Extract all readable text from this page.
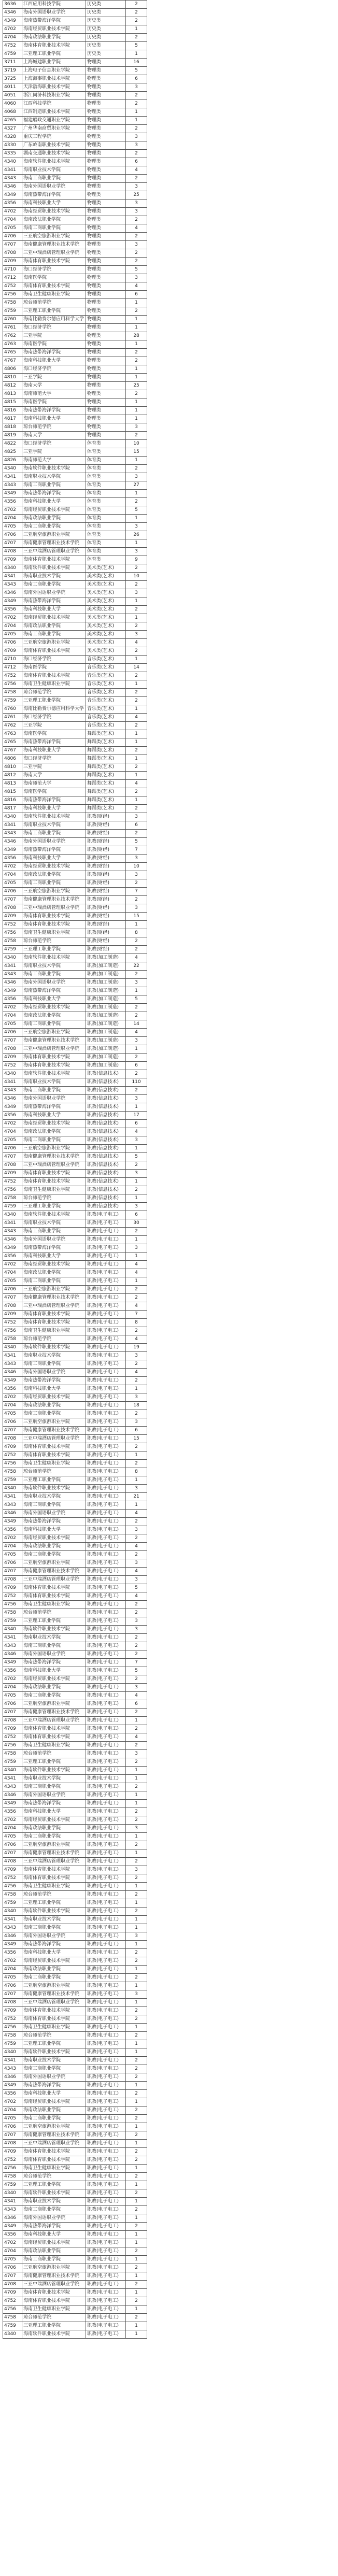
3636	江西应用科技学院	历史类	2
4346	海南外国语职业学院	历史类	2
4349	海南热带海洋学院	历史类	2
4702	海南经贸职业技术学院	历史类	1
4704	海南政法职业学院	历史类	2
4752	海南体育职业技术学院	历史类	5
4759	三亚理工职业学院	历史类	1
3711	上海城建职业学院	物理类	16
3719	上海电子信息职业学院	物理类	5
3725	上海海事职业技术学院	物理类	6
4011	天津渤海职业技术学院	物理类	3
4051	浙江同济科技职业学院	物理类	2
4060	江西科技学院	物理类	2
4068	江西制造职业技术学院	物理类	1
4265	福建船政交通职业学院	物理类	1
4327	广州华南商贸职业学院	物理类	2
4328	重庆工程学院	物理类	3
4330	广东岭南职业技术学院	物理类	3
4335	湖南交通职业技术学院	物理类	2
4340	海南软件职业技术学院	物理类	6
4341	海南职业技术学院	物理类	4
4343	海南工商职业学院	物理类	2
4346	海南外国语职业学院	物理类	3
4349	海南热带海洋学院	物理类	25
4356	海南科技职业大学	物理类	3
4702	海南经贸职业技术学院	物理类	3
4704	海南政法职业学院	物理类	2
4705	海南工商职业学院	物理类	4
4706	三亚航空旅游职业学院	物理类	2
4707	海南健康管理职业技术学院	物理类	3
4708	三亚中瑞酒店管理职业学院	物理类	2
4709	海南体育职业技术学院	物理类	2
4710	海口经济学院	物理类	5
4712	海南医学院	物理类	3
4752	海南体育职业技术学院	物理类	4
4756	海南卫生健康职业学院	物理类	6
4758	琼台师范学院	物理类	1
4759	三亚理工职业学院	物理类	2
4760	海南比勒费尔德应用科学大学	物理类	1
4761	海口经济学院	物理类	1
4762	三亚学院	物理类	28
4763	海南医学院	物理类	1
4765	海南热带海洋学院	物理类	2
4767	海南科技职业大学	物理类	2
4806	海口经济学院	物理类	1
4810	三亚学院	物理类	1
4812	海南大学	物理类	25
4813	海南师范大学	物理类	2
4815	海南医学院	物理类	1
4816	海南热带海洋学院	物理类	1
4817	海南科技职业大学	物理类	1
4818	琼台师范学院	物理类	3
4819	海南大学	物理类	2
4822	海口经济学院	体育类	10
4825	三亚学院	体育类	15
4826	海南师范大学	体育类	1
4340	海南软件职业技术学院	体育类	2
4341	海南职业技术学院	体育类	3
4343	海南工商职业学院	体育类	27
4349	海南热带海洋学院	体育类	1
4356	海南科技职业大学	体育类	2
4702	海南经贸职业技术学院	体育类	5
4704	海南政法职业学院	体育类	1
4705	海南工商职业学院	体育类	3
4706	三亚航空旅游职业学院	体育类	26
4707	海南健康管理职业技术学院	体育类	1
4708	三亚中瑞酒店管理职业学院	体育类	3
4709	海南体育职业技术学院	体育类	9
4340	海南软件职业技术学院	美术类(艺术)	2
4341	海南职业技术学院	美术类(艺术)	10
4343	海南工商职业学院	美术类(艺术)	2
4346	海南外国语职业学院	美术类(艺术)	3
4349	海南热带海洋学院	美术类(艺术)	1
4356	海南科技职业大学	美术类(艺术)	2
4702	海南经贸职业技术学院	美术类(艺术)	1
4704	海南政法职业学院	美术类(艺术)	2
4705	海南工商职业学院	美术类(艺术)	3
4706	三亚航空旅游职业学院	美术类(艺术)	4
4709	海南体育职业技术学院	美术类(艺术)	2
4710	海口经济学院	音乐类(艺术)	1
4712	海南医学院	音乐类(艺术)	14
4752	海南体育职业技术学院	音乐类(艺术)	2
4756	海南卫生健康职业学院	音乐类(艺术)	1
4758	琼台师范学院	音乐类(艺术)	2
4759	三亚理工职业学院	音乐类(艺术)	2
4760	海南比勒费尔德应用科学大学	音乐类(艺术)	1
4761	海口经济学院	音乐类(艺术)	4
4762	三亚学院	音乐类(艺术)	2
4763	海南医学院	舞蹈类(艺术)	1
4765	海南热带海洋学院	舞蹈类(艺术)	1
4767	海南科技职业大学	舞蹈类(艺术)	2
4806	海口经济学院	舞蹈类(艺术)	1
4810	三亚学院	舞蹈类(艺术)	2
4812	海南大学	舞蹈类(艺术)	1
4813	海南师范大学	舞蹈类(艺术)	4
4815	海南医学院	舞蹈类(艺术)	2
4816	海南热带海洋学院	舞蹈类(艺术)	1
4817	海南科技职业大学	舞蹈类(艺术)	2
4340	海南软件职业技术学院	职教(财经)	3
4341	海南职业技术学院	职教(财经)	6
4343	海南工商职业学院	职教(财经)	2
4346	海南外国语职业学院	职教(财经)	5
4349	海南热带海洋学院	职教(财经)	7
4356	海南科技职业大学	职教(财经)	3
4702	海南经贸职业技术学院	职教(财经)	10
4704	海南政法职业学院	职教(财经)	3
4705	海南工商职业学院	职教(财经)	2
4706	三亚航空旅游职业学院	职教(财经)	7
4707	海南健康管理职业技术学院	职教(财经)	2
4708	三亚中瑞酒店管理职业学院	职教(财经)	3
4709	海南体育职业技术学院	职教(财经)	15
4752	海南体育职业技术学院	职教(财经)	1
4756	海南卫生健康职业学院	职教(财经)	8
4758	琼台师范学院	职教(财经)	2
4759	三亚理工职业学院	职教(财经)	2
4340	海南软件职业技术学院	职教(加工制造)	4
4341	海南职业技术学院	职教(加工制造)	22
4343	海南工商职业学院	职教(加工制造)	2
4346	海南外国语职业学院	职教(加工制造)	3
4349	海南热带海洋学院	职教(加工制造)	1
4356	海南科技职业大学	职教(加工制造)	5
4702	海南经贸职业技术学院	职教(加工制造)	2
4704	海南政法职业学院	职教(加工制造)	2
4705	海南工商职业学院	职教(加工制造)	14
4706	三亚航空旅游职业学院	职教(加工制造)	4
4707	海南健康管理职业技术学院	职教(加工制造)	3
4708	三亚中瑞酒店管理职业学院	职教(加工制造)	1
4709	海南体育职业技术学院	职教(加工制造)	2
4752	海南体育职业技术学院	职教(加工制造)	6
4340	海南软件职业技术学院	职教(信息技术)	2
4341	海南职业技术学院	职教(信息技术)	110
4343	海南工商职业学院	职教(信息技术)	2
4346	海南外国语职业学院	职教(信息技术)	3
4349	海南热带海洋学院	职教(信息技术)	1
4356	海南科技职业大学	职教(信息技术)	17
4702	海南经贸职业技术学院	职教(信息技术)	6
4704	海南政法职业学院	职教(信息技术)	4
4705	海南工商职业学院	职教(信息技术)	3
4706	三亚航空旅游职业学院	职教(信息技术)	1
4707	海南健康管理职业技术学院	职教(信息技术)	5
4708	三亚中瑞酒店管理职业学院	职教(信息技术)	2
4709	海南体育职业技术学院	职教(信息技术)	3
4752	海南体育职业技术学院	职教(信息技术)	1
4756	海南卫生健康职业学院	职教(信息技术)	2
4758	琼台师范学院	职教(信息技术)	1
4759	三亚理工职业学院	职教(信息技术)	3
4340	海南软件职业技术学院	职教(电子电工)	6
4341	海南职业技术学院	职教(电子电工)	30
4343	海南工商职业学院	职教(电子电工)	2
4346	海南外国语职业学院	职教(电子电工)	1
4349	海南热带海洋学院	职教(电子电工)	3
4356	海南科技职业大学	职教(电子电工)	1
4702	海南经贸职业技术学院	职教(电子电工)	4
4704	海南政法职业学院	职教(电子电工)	4
4705	海南工商职业学院	职教(电子电工)	1
4706	三亚航空旅游职业学院	职教(电子电工)	2
4707	海南健康管理职业技术学院	职教(电子电工)	2
4708	三亚中瑞酒店管理职业学院	职教(电子电工)	4
4709	海南体育职业技术学院	职教(电子电工)	7
4752	海南体育职业技术学院	职教(电子电工)	8
4756	海南卫生健康职业学院	职教(电子电工)	2
4758	琼台师范学院	职教(电子电工)	4
4340	海南软件职业技术学院	职教(电子电工)	19
4341	海南职业技术学院	职教(电子电工)	3
4343	海南工商职业学院	职教(电子电工)	2
4346	海南外国语职业学院	职教(电子电工)	4
4349	海南热带海洋学院	职教(电子电工)	2
4356	海南科技职业大学	职教(电子电工)	1
4702	海南经贸职业技术学院	职教(电子电工)	3
4704	海南政法职业学院	职教(电子电工)	18
4705	海南工商职业学院	职教(电子电工)	2
4706	三亚航空旅游职业学院	职教(电子电工)	3
4707	海南健康管理职业技术学院	职教(电子电工)	6
4708	三亚中瑞酒店管理职业学院	职教(电子电工)	15
4709	海南体育职业技术学院	职教(电子电工)	2
4752	海南体育职业技术学院	职教(电子电工)	1
4756	海南卫生健康职业学院	职教(电子电工)	2
4758	琼台师范学院	职教(电子电工)	8
4759	三亚理工职业学院	职教(电子电工)	1
4340	海南软件职业技术学院	职教(电子电工)	3
4341	海南职业技术学院	职教(电子电工)	21
4343	海南工商职业学院	职教(电子电工)	1
4346	海南外国语职业学院	职教(电子电工)	4
4349	海南热带海洋学院	职教(电子电工)	2
4356	海南科技职业大学	职教(电子电工)	3
4702	海南经贸职业技术学院	职教(电子电工)	2
4704	海南政法职业学院	职教(电子电工)	4
4705	海南工商职业学院	职教(电子电工)	2
4706	三亚航空旅游职业学院	职教(电子电工)	3
4707	海南健康管理职业技术学院	职教(电子电工)	4
4708	三亚中瑞酒店管理职业学院	职教(电子电工)	3
4709	海南体育职业技术学院	职教(电子电工)	5
4752	海南体育职业技术学院	职教(电子电工)	4
4756	海南卫生健康职业学院	职教(电子电工)	2
4758	琼台师范学院	职教(电子电工)	2
4759	三亚理工职业学院	职教(电子电工)	3
4340	海南软件职业技术学院	职教(电子电工)	3
4341	海南职业技术学院	职教(电子电工)	2
4343	海南工商职业学院	职教(电子电工)	2
4346	海南外国语职业学院	职教(电子电工)	2
4349	海南热带海洋学院	职教(电子电工)	7
4356	海南科技职业大学	职教(电子电工)	5
4702	海南经贸职业技术学院	职教(电子电工)	2
4704	海南政法职业学院	职教(电子电工)	3
4705	海南工商职业学院	职教(电子电工)	4
4706	三亚航空旅游职业学院	职教(电子电工)	6
4707	海南健康管理职业技术学院	职教(电子电工)	2
4708	三亚中瑞酒店管理职业学院	职教(电子电工)	1
4709	海南体育职业技术学院	职教(电子电工)	2
4752	海南体育职业技术学院	职教(电子电工)	4
4756	海南卫生健康职业学院	职教(电子电工)	2
4758	琼台师范学院	职教(电子电工)	3
4759	三亚理工职业学院	职教(电子电工)	2
4340	海南软件职业技术学院	职教(电子电工)	1
4341	海南职业技术学院	职教(电子电工)	1
4343	海南工商职业学院	职教(电子电工)	2
4346	海南外国语职业学院	职教(电子电工)	1
4349	海南热带海洋学院	职教(电子电工)	1
4356	海南科技职业大学	职教(电子电工)	2
4702	海南经贸职业技术学院	职教(电子电工)	2
4704	海南政法职业学院	职教(电子电工)	3
4705	海南工商职业学院	职教(电子电工)	1
4706	三亚航空旅游职业学院	职教(电子电工)	2
4707	海南健康管理职业技术学院	职教(电子电工)	1
4708	三亚中瑞酒店管理职业学院	职教(电子电工)	2
4709	海南体育职业技术学院	职教(电子电工)	3
4752	海南体育职业技术学院	职教(电子电工)	2
4756	海南卫生健康职业学院	职教(电子电工)	1
4758	琼台师范学院	职教(电子电工)	2
4759	三亚理工职业学院	职教(电子电工)	1
4340	海南软件职业技术学院	职教(电子电工)	2
4341	海南职业技术学院	职教(电子电工)	1
4343	海南工商职业学院	职教(电子电工)	1
4346	海南外国语职业学院	职教(电子电工)	3
4349	海南热带海洋学院	职教(电子电工)	1
4356	海南科技职业大学	职教(电子电工)	2
4702	海南经贸职业技术学院	职教(电子电工)	2
4704	海南政法职业学院	职教(电子电工)	1
4705	海南工商职业学院	职教(电子电工)	2
4706	三亚航空旅游职业学院	职教(电子电工)	1
4707	海南健康管理职业技术学院	职教(电子电工)	3
4708	三亚中瑞酒店管理职业学院	职教(电子电工)	1
4709	海南体育职业技术学院	职教(电子电工)	2
4752	海南体育职业技术学院	职教(电子电工)	2
4756	海南卫生健康职业学院	职教(电子电工)	1
4758	琼台师范学院	职教(电子电工)	2
4759	三亚理工职业学院	职教(电子电工)	1
4340	海南软件职业技术学院	职教(电子电工)	1
4341	海南职业技术学院	职教(电子电工)	2
4343	海南工商职业学院	职教(电子电工)	2
4346	海南外国语职业学院	职教(电子电工)	2
4349	海南热带海洋学院	职教(电子电工)	1
4356	海南科技职业大学	职教(电子电工)	2
4702	海南经贸职业技术学院	职教(电子电工)	1
4704	海南政法职业学院	职教(电子电工)	2
4705	海南工商职业学院	职教(电子电工)	2
4706	三亚航空旅游职业学院	职教(电子电工)	1
4707	海南健康管理职业技术学院	职教(电子电工)	2
4708	三亚中瑞酒店管理职业学院	职教(电子电工)	1
4709	海南体育职业技术学院	职教(电子电工)	2
4752	海南体育职业技术学院	职教(电子电工)	2
4756	海南卫生健康职业学院	职教(电子电工)	1
4758	琼台师范学院	职教(电子电工)	2
4759	三亚理工职业学院	职教(电子电工)	1
4340	海南软件职业技术学院	职教(电子电工)	2
4341	海南职业技术学院	职教(电子电工)	1
4343	海南工商职业学院	职教(电子电工)	2
4346	海南外国语职业学院	职教(电子电工)	1
4349	海南热带海洋学院	职教(电子电工)	2
4356	海南科技职业大学	职教(电子电工)	1
4702	海南经贸职业技术学院	职教(电子电工)	1
4704	海南政法职业学院	职教(电子电工)	2
4705	海南工商职业学院	职教(电子电工)	1
4706	三亚航空旅游职业学院	职教(电子电工)	2
4707	海南健康管理职业技术学院	职教(电子电工)	1
4708	三亚中瑞酒店管理职业学院	职教(电子电工)	2
4709	海南体育职业技术学院	职教(电子电工)	1
4752	海南体育职业技术学院	职教(电子电工)	2
4756	海南卫生健康职业学院	职教(电子电工)	1
4758	琼台师范学院	职教(电子电工)	2
4759	三亚理工职业学院	职教(电子电工)	1
4340	海南软件职业技术学院	职教(电子电工)	1
